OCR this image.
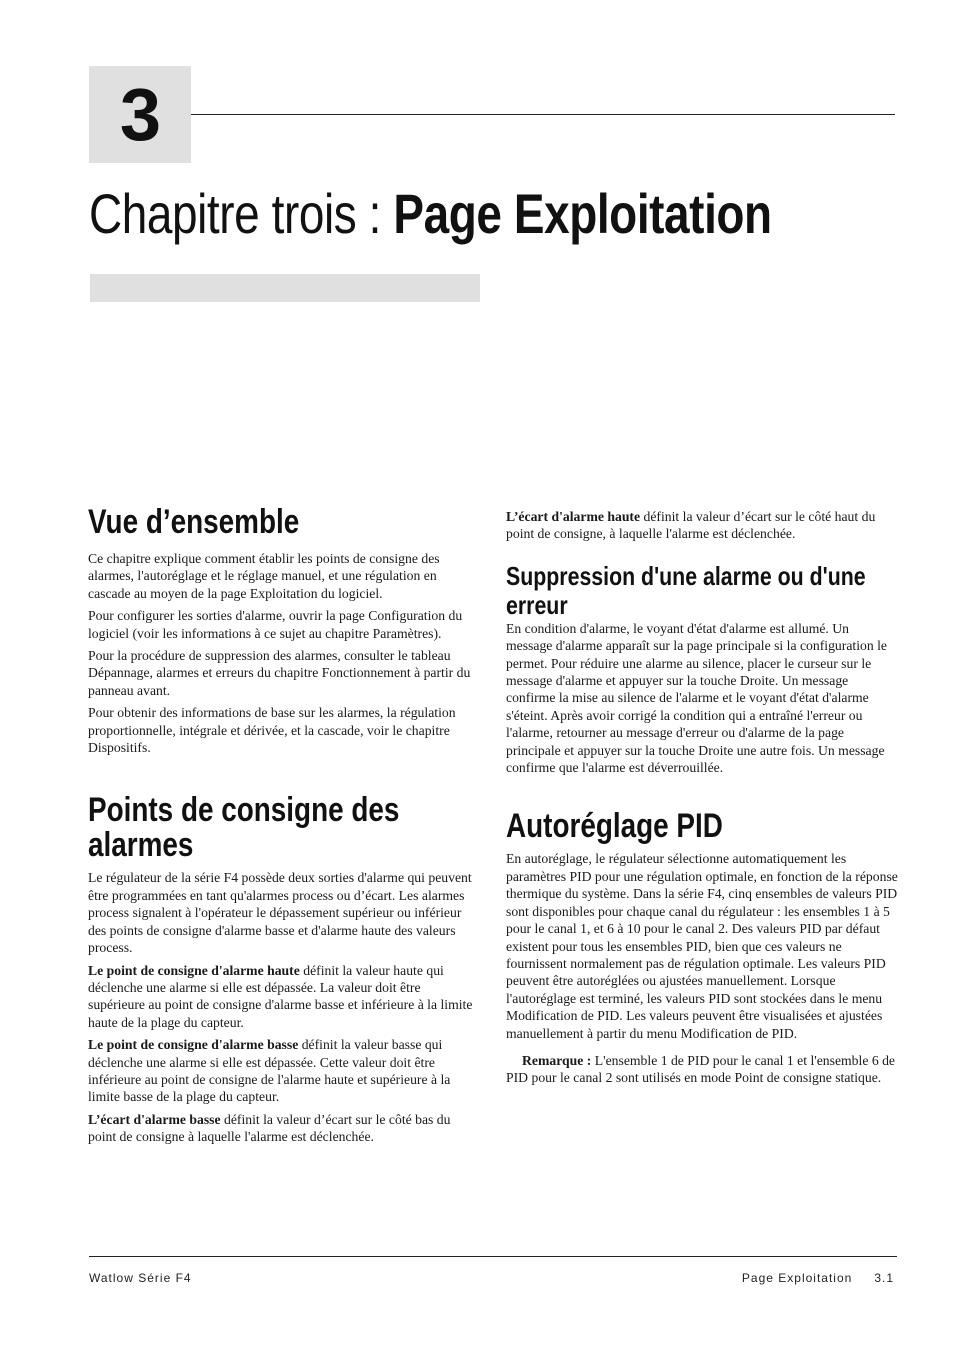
3
Chapitre trois : Page Exploitation
Vue d’ensemble

Ce chapitre explique comment établir les points de consigne des alarmes, l'autoréglage et le réglage manuel, et une régulation en cascade au moyen de la page Exploitation du logiciel.

Pour configurer les sorties d'alarme, ouvrir la page Configuration du logiciel (voir les informations à ce sujet au chapitre Paramètres).

Pour la procédure de suppression des alarmes, consulter le tableau Dépannage, alarmes et erreurs du chapitre Fonctionnement à partir du panneau avant.

Pour obtenir des informations de base sur les alarmes, la régulation proportionnelle, intégrale et dérivée, et la cascade, voir le chapitre Dispositifs.

Points de consigne des alarmes

Le régulateur de la série F4 possède deux sorties d'alarme qui peuvent être programmées en tant qu'alarmes process ou d’écart. Les alarmes process signalent à l'opérateur le dépassement supérieur ou inférieur des points de consigne d'alarme basse et d'alarme haute des valeurs process.

Le point de consigne d'alarme haute définit la valeur haute qui déclenche une alarme si elle est dépassée. La valeur doit être supérieure au point de consigne d'alarme basse et inférieure à la limite haute de la plage du capteur.

Le point de consigne d'alarme basse définit la valeur basse qui déclenche une alarme si elle est dépassée. Cette valeur doit être inférieure au point de consigne de l'alarme haute et supérieure à la limite basse de la plage du capteur.

L’écart d'alarme basse définit la valeur d’écart sur le côté bas du point de consigne à laquelle l'alarme est déclenchée.

L’écart d'alarme haute définit la valeur d’écart sur le côté haut du point de consigne, à laquelle l'alarme est déclenchée.

Suppression d'une alarme ou d'une erreur

En condition d'alarme, le voyant d'état d'alarme est allumé. Un message d'alarme apparaît sur la page principale si la configuration le permet. Pour réduire une alarme au silence, placer le curseur sur le message d'alarme et appuyer sur la touche Droite. Un message confirme la mise au silence de l'alarme et le voyant d'état d'alarme s'éteint. Après avoir corrigé la condition qui a entraîné l'erreur ou l'alarme, retourner au message d'erreur ou d'alarme de la page principale et appuyer sur la touche Droite une autre fois. Un message confirme que l'alarme est déverrouillée.

Autoréglage PID

En autoréglage, le régulateur sélectionne automatiquement les paramètres PID pour une régulation optimale, en fonction de la réponse thermique du système. Dans la série F4, cinq ensembles de valeurs PID sont disponibles pour chaque canal du régulateur : les ensembles 1 à 5 pour le canal 1, et 6 à 10 pour le canal 2. Des valeurs PID par défaut existent pour tous les ensembles PID, bien que ces valeurs ne fournissent normalement pas de régulation optimale. Les valeurs PID peuvent être autoréglées ou ajustées manuellement. Lorsque l'autoréglage est terminé, les valeurs PID sont stockées dans le menu Modification de PID. Les valeurs peuvent être visualisées et ajustées manuellement à partir du menu Modification de PID.

Remarque : L'ensemble 1 de PID pour le canal 1 et l'ensemble 6 de PID pour le canal 2 sont utilisés en mode Point de consigne statique.

Watlow Série F4	Page Exploitation 3.1
